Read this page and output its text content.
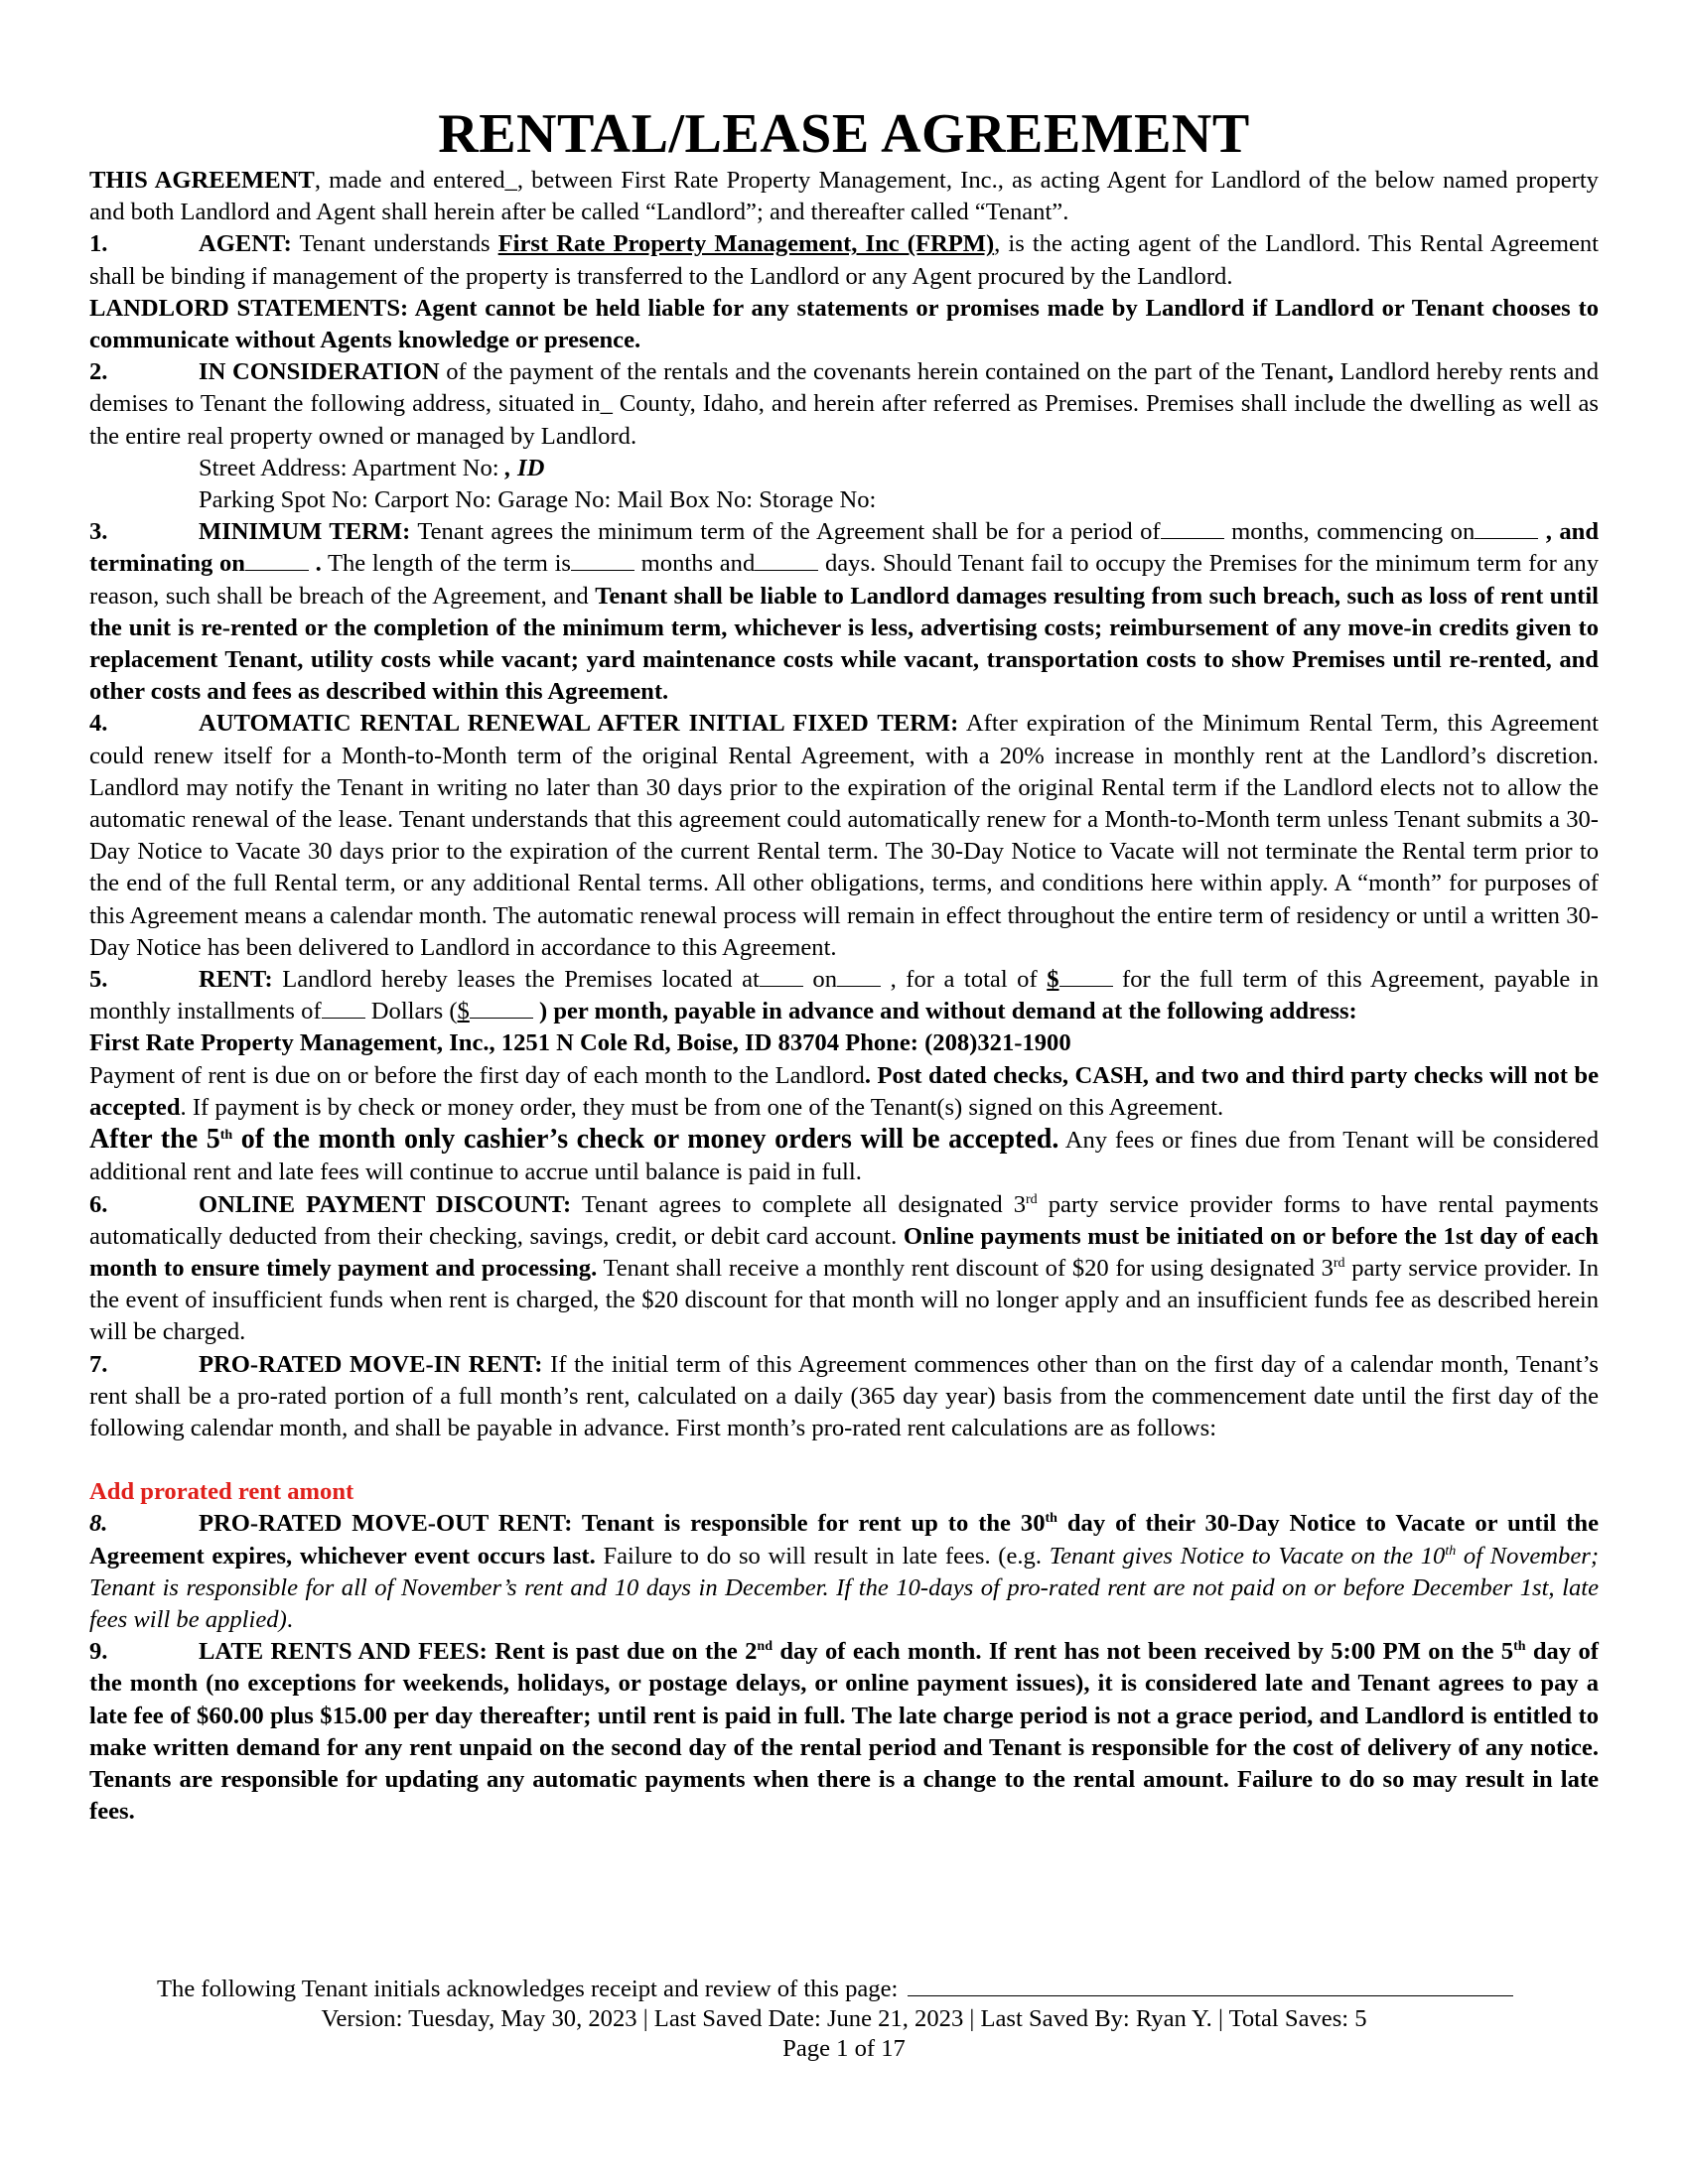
RENTAL/LEASE AGREEMENT

THIS AGREEMENT, made and entered_, between First Rate Property Management, Inc., as acting Agent for Landlord of the below named property and both Landlord and Agent shall herein after be called “Landlord”; and thereafter called “Tenant”.

1.	AGENT: Tenant understands First Rate Property Management, Inc (FRPM), is the acting agent of the Landlord. This Rental Agreement shall be binding if management of the property is transferred to the Landlord or any Agent procured by the Landlord.

LANDLORD STATEMENTS: Agent cannot be held liable for any statements or promises made by Landlord if Landlord or Tenant chooses to communicate without Agents knowledge or presence.

2.	IN CONSIDERATION of the payment of the rentals and the covenants herein contained on the part of the Tenant, Landlord hereby rents and demises to Tenant the following address, situated in_ County, Idaho, and herein after referred as Premises. Premises shall include the dwelling as well as the entire real property owned or managed by Landlord.

Street Address: Apartment No: , ID

Parking Spot No: Carport No: Garage No: Mail Box No: Storage No:

3.	MINIMUM TERM: Tenant agrees the minimum term of the Agreement shall be for a period of	months, commencing on	, and terminating on	. The length of the term is	months and	days. Should Tenant fail to occupy the Premises for the minimum term for any reason, such shall be breach of the Agreement, and Tenant shall be liable to Landlord damages resulting from such breach, such as loss of rent until the unit is re-rented or the completion of the minimum term, whichever is less, advertising costs; reimbursement of any move-in credits given to replacement Tenant, utility costs while vacant; yard maintenance costs while vacant, transportation costs to show Premises until re-rented, and other costs and fees as described within this Agreement.

4.	AUTOMATIC RENTAL RENEWAL AFTER INITIAL FIXED TERM: After expiration of the Minimum Rental Term, this Agreement could renew itself for a Month-to-Month term of the original Rental Agreement, with a 20% increase in monthly rent at the Landlord’s discretion. Landlord may notify the Tenant in writing no later than 30 days prior to the expiration of the original Rental term if the Landlord elects not to allow the automatic renewal of the lease. Tenant understands that this agreement could automatically renew for a Month-to-Month term unless Tenant submits a 30-Day Notice to Vacate 30 days prior to the expiration of the current Rental term. The 30-Day Notice to Vacate will not terminate the Rental term prior to the end of the full Rental term, or any additional Rental terms. All other obligations, terms, and conditions here within apply. A “month” for purposes of this Agreement means a calendar month. The automatic renewal process will remain in effect throughout the entire term of residency or until a written 30-Day Notice has been delivered to Landlord in accordance to this Agreement.

5.	RENT: Landlord hereby leases the Premises located at on , for a total of $ for the full term of this Agreement, payable in monthly installments of Dollars ($	) per month, payable in advance and without demand at the following address:

First Rate Property Management, Inc., 1251 N Cole Rd, Boise, ID 83704 Phone: (208)321-1900

Payment of rent is due on or before the first day of each month to the Landlord. Post dated checks, CASH, and two and third party checks will not be accepted. If payment is by check or money order, they must be from one of the Tenant(s) signed on this Agreement.

After the 5th of the month only cashier’s check or money orders will be accepted. Any fees or fines due from Tenant will be considered additional rent and late fees will continue to accrue until balance is paid in full.

6.	ONLINE PAYMENT DISCOUNT: Tenant agrees to complete all designated 3rd party service provider forms to have rental payments automatically deducted from their checking, savings, credit, or debit card account. Online payments must be initiated on or before the 1st day of each month to ensure timely payment and processing. Tenant shall receive a monthly rent discount of $20 for using designated 3rd party service provider. In the event of insufficient funds when rent is charged, the $20 discount for that month will no longer apply and an insufficient funds fee as described herein will be charged.

7.	PRO-RATED MOVE-IN RENT: If the initial term of this Agreement commences other than on the first day of a calendar month, Tenant’s rent shall be a pro-rated portion of a full month’s rent, calculated on a daily (365 day year) basis from the commencement date until the first day of the following calendar month, and shall be payable in advance. First month’s pro-rated rent calculations are as follows:

Add prorated rent amont

8.	PRO-RATED MOVE-OUT RENT: Tenant is responsible for rent up to the 30th day of their 30-Day Notice to Vacate or until the Agreement expires, whichever event occurs last. Failure to do so will result in late fees. (e.g. Tenant gives Notice to Vacate on the 10th of November; Tenant is responsible for all of November’s rent and 10 days in December. If the 10-days of pro-rated rent are not paid on or before December 1st, late fees will be applied).

9.	LATE RENTS AND FEES: Rent is past due on the 2nd day of each month. If rent has not been received by 5:00 PM on the 5th day of the month (no exceptions for weekends, holidays, or postage delays, or online payment issues), it is considered late and Tenant agrees to pay a late fee of $60.00 plus $15.00 per day thereafter; until rent is paid in full. The late charge period is not a grace period, and Landlord is entitled to make written demand for any rent unpaid on the second day of the rental period and Tenant is responsible for the cost of delivery of any notice. Tenants are responsible for updating any automatic payments when there is a change to the rental amount. Failure to do so may result in late fees.

The following Tenant initials acknowledges receipt and review of this page:
Version: Tuesday, May 30, 2023 | Last Saved Date: June 21, 2023 | Last Saved By: Ryan Y. | Total Saves: 5
Page 1 of 17
